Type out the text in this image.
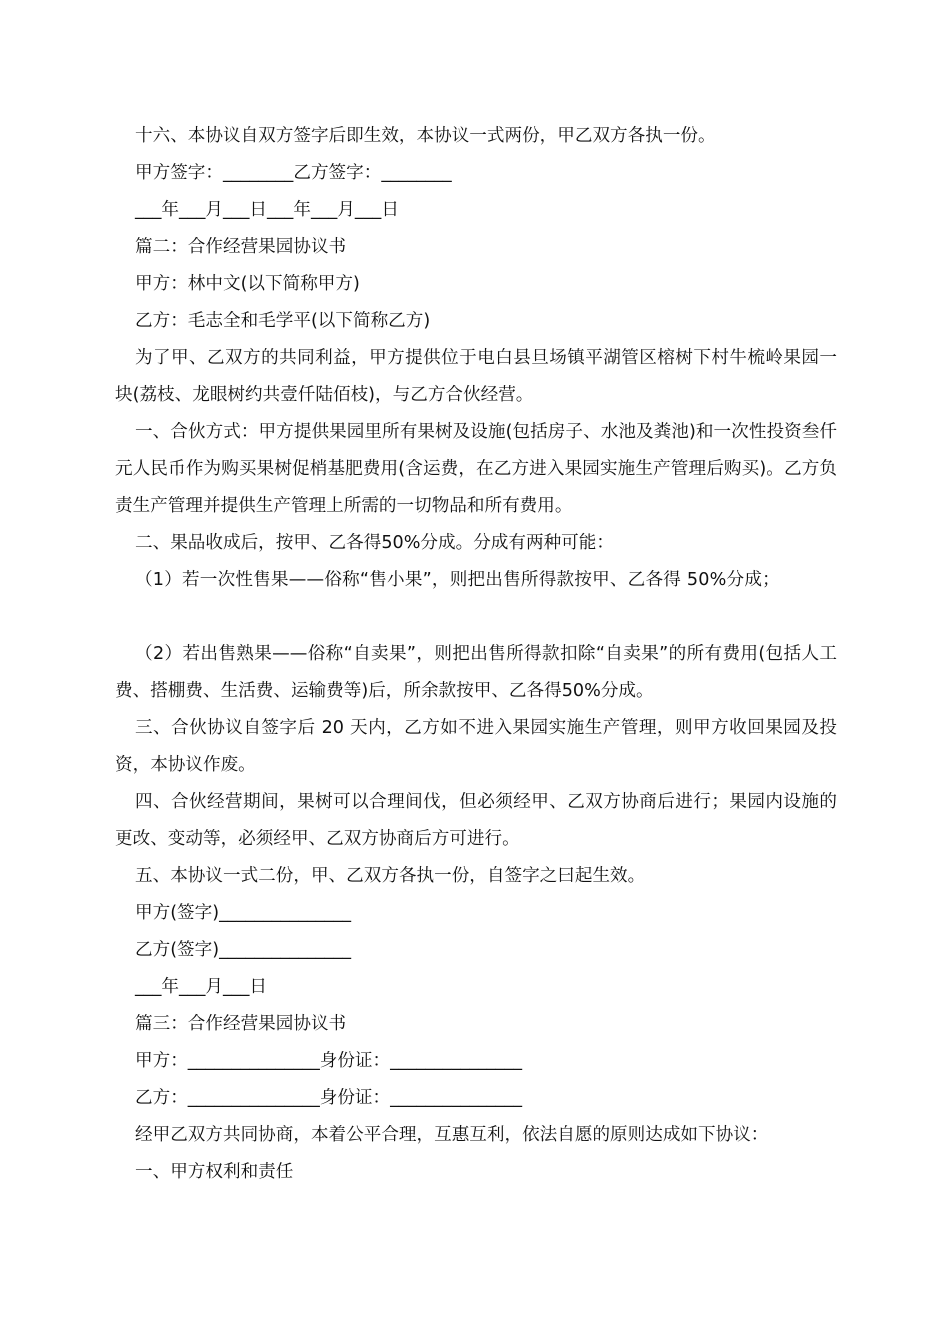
十六、本协议自双方签字后即生效，本协议一式两份，甲乙双方各执一份。

甲方签字：________乙方签字：________

___年___月___日___年___月___日

篇二：合作经营果园协议书

甲方：林中文(以下简称甲方)

乙方：毛志全和毛学平(以下简称乙方)

为了甲、乙双方的共同利益，甲方提供位于电白县旦场镇平湖管区榕树下村牛梳岭果园一块(荔枝、龙眼树约共壹仟陆佰枝)，与乙方合伙经营。

一、合伙方式：甲方提供果园里所有果树及设施(包括房子、水池及粪池)和一次性投资叁仟元人民币作为购买果树促梢基肥费用(含运费，在乙方进入果园实施生产管理后购买)。乙方负责生产管理并提供生产管理上所需的一切物品和所有费用。

二、果品收成后，按甲、乙各得50%分成。分成有两种可能：

（1）若一次性售果——俗称“售小果”，则把出售所得款按甲、乙各得 50%分成；

（2）若出售熟果——俗称“自卖果”，则把出售所得款扣除“自卖果”的所有费用(包括人工费、搭棚费、生活费、运输费等)后，所余款按甲、乙各得50%分成。

三、合伙协议自签字后 20 天内，乙方如不进入果园实施生产管理，则甲方收回果园及投资，本协议作废。

四、合伙经营期间，果树可以合理间伐，但必须经甲、乙双方协商后进行；果园内设施的更改、变动等，必须经甲、乙双方协商后方可进行。

五、本协议一式二份，甲、乙双方各执一份，自签字之曰起生效。

甲方(签字)_______________

乙方(签字)_______________

___年___月___日

篇三：合作经营果园协议书

甲方：_______________身份证：_______________

乙方：_______________身份证：_______________

经甲乙双方共同协商，本着公平合理，互惠互利，依法自愿的原则达成如下协议：

一、甲方权利和责任
